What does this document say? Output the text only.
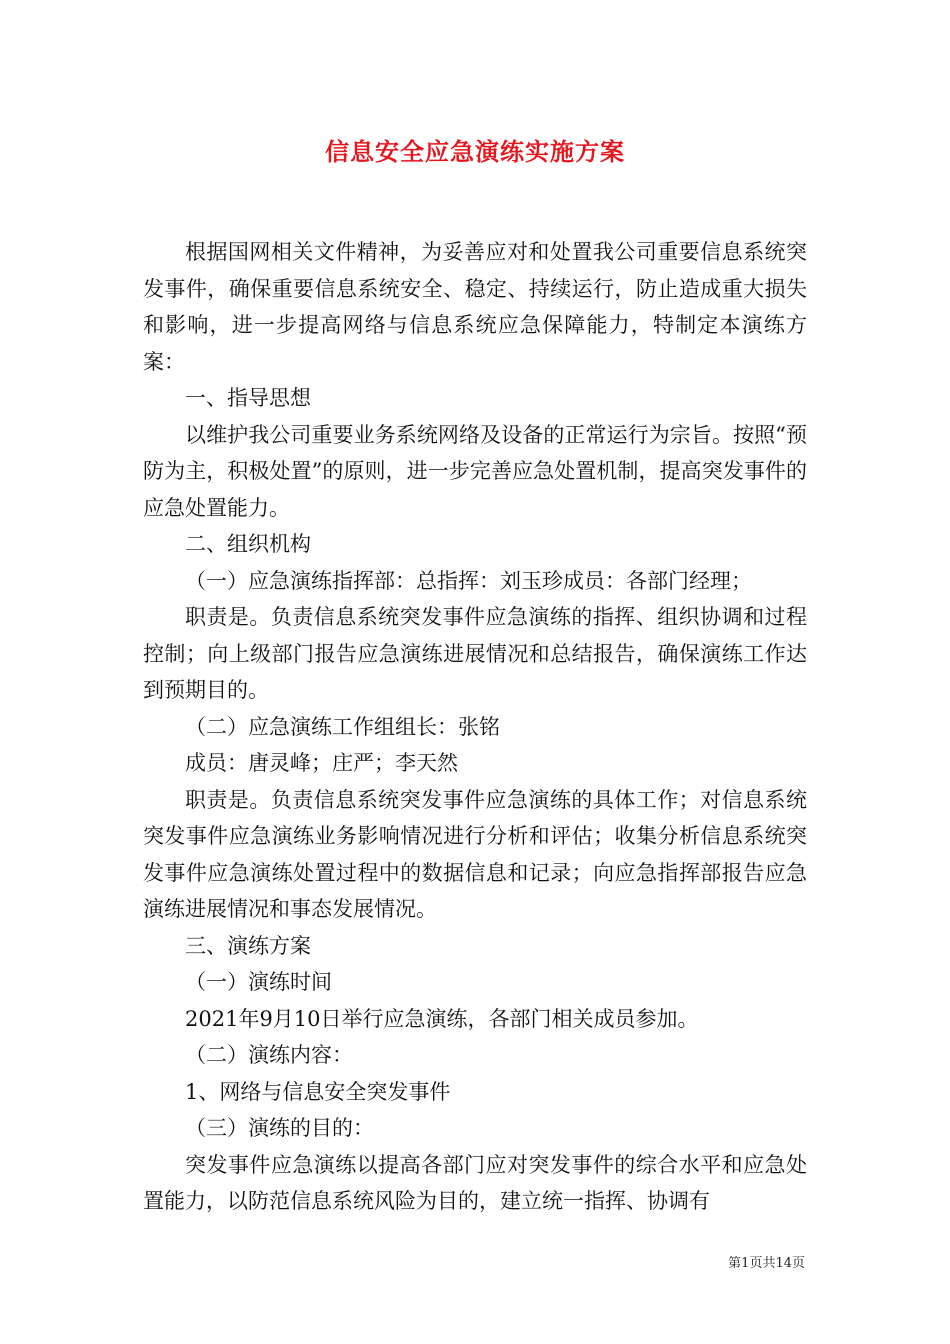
信息安全应急演练实施方案

根据国网相关文件精神，为妥善应对和处置我公司重要信息系统突发事件，确保重要信息系统安全、稳定、持续运行，防止造成重大损失和影响，进一步提高网络与信息系统应急保障能力，特制定本演练方案：

一、指导思想

以维护我公司重要业务系统网络及设备的正常运行为宗旨。按照“预防为主，积极处置”的原则，进一步完善应急处置机制，提高突发事件的应急处置能力。

二、组织机构

（一）应急演练指挥部：总指挥：刘玉珍成员：各部门经理；

职责是。负责信息系统突发事件应急演练的指挥、组织协调和过程控制；向上级部门报告应急演练进展情况和总结报告，确保演练工作达到预期目的。

（二）应急演练工作组组长：张铭

成员：唐灵峰；庄严；李天然

职责是。负责信息系统突发事件应急演练的具体工作；对信息系统突发事件应急演练业务影响情况进行分析和评估；收集分析信息系统突发事件应急演练处置过程中的数据信息和记录；向应急指挥部报告应急演练进展情况和事态发展情况。

三、演练方案

（一）演练时间

2021年9月10日举行应急演练，各部门相关成员参加。

（二）演练内容：

1、网络与信息安全突发事件

（三）演练的目的：

突发事件应急演练以提高各部门应对突发事件的综合水平和应急处置能力，以防范信息系统风险为目的，建立统一指挥、协调有

第1页共14页
